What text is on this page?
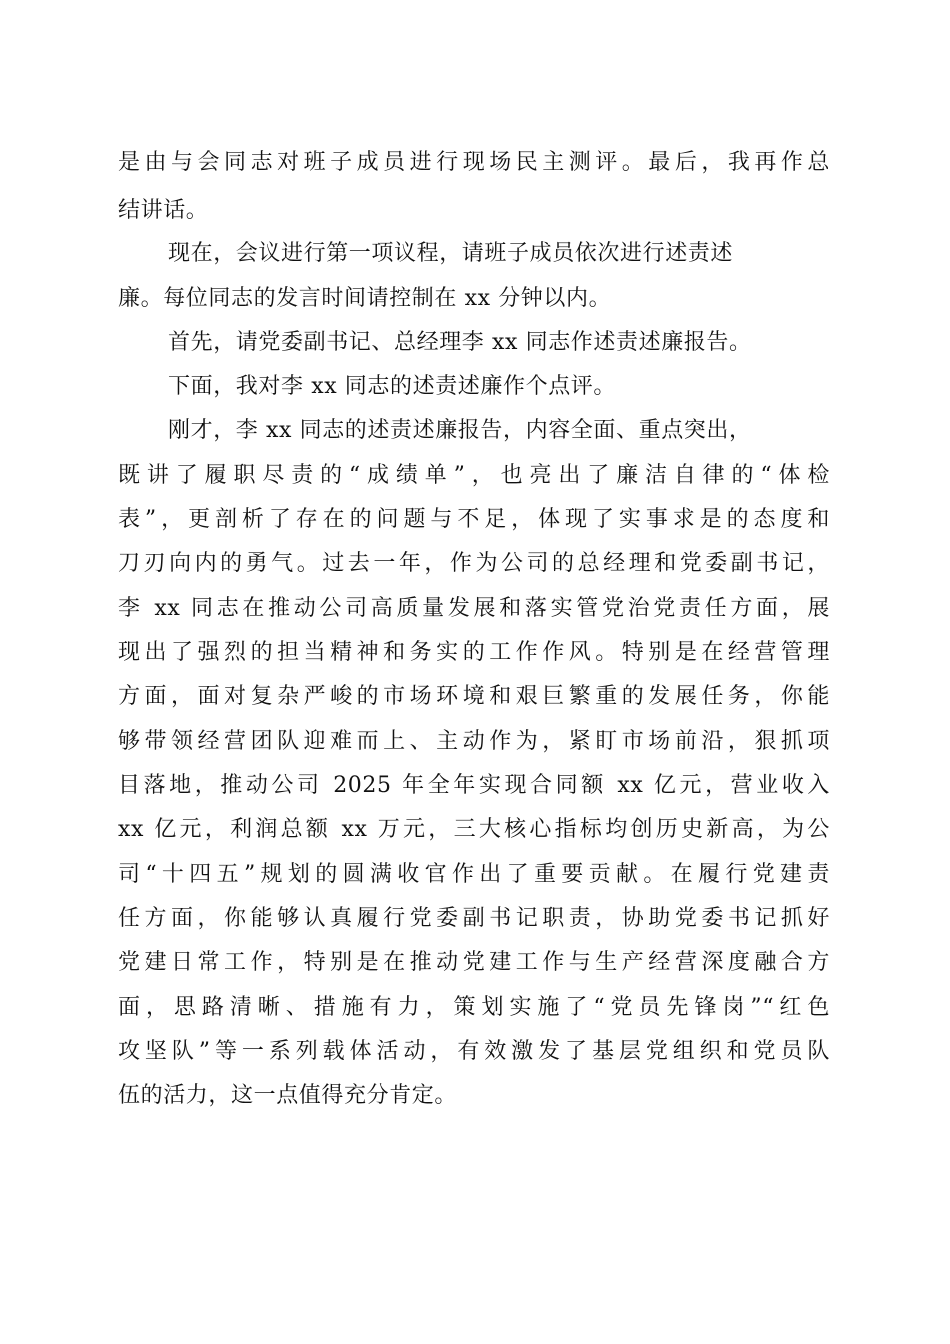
是由与会同志对班子成员进行现场民主测评。最后，我再作总

结讲话。

现在，会议进行第一项议程，请班子成员依次进行述责述

廉。每位同志的发言时间请控制在 xx 分钟以内。

首先，请党委副书记、总经理李 xx 同志作述责述廉报告。

下面，我对李 xx 同志的述责述廉作个点评。

刚才，李 xx 同志的述责述廉报告，内容全面、重点突出，

既讲了履职尽责的“成绩单”，也亮出了廉洁自律的“体检

表”，更剖析了存在的问题与不足，体现了实事求是的态度和

刀刃向内的勇气。过去一年，作为公司的总经理和党委副书记，

李 xx 同志在推动公司高质量发展和落实管党治党责任方面，展

现出了强烈的担当精神和务实的工作作风。特别是在经营管理

方面，面对复杂严峻的市场环境和艰巨繁重的发展任务，你能

够带领经营团队迎难而上、主动作为，紧盯市场前沿，狠抓项

目落地，推动公司 2025 年全年实现合同额 xx 亿元，营业收入

xx 亿元，利润总额 xx 万元，三大核心指标均创历史新高，为公

司“十四五”规划的圆满收官作出了重要贡献。在履行党建责

任方面，你能够认真履行党委副书记职责，协助党委书记抓好

党建日常工作，特别是在推动党建工作与生产经营深度融合方

面，思路清晰、措施有力，策划实施了“党员先锋岗”“红色

攻坚队”等一系列载体活动，有效激发了基层党组织和党员队

伍的活力，这一点值得充分肯定。
